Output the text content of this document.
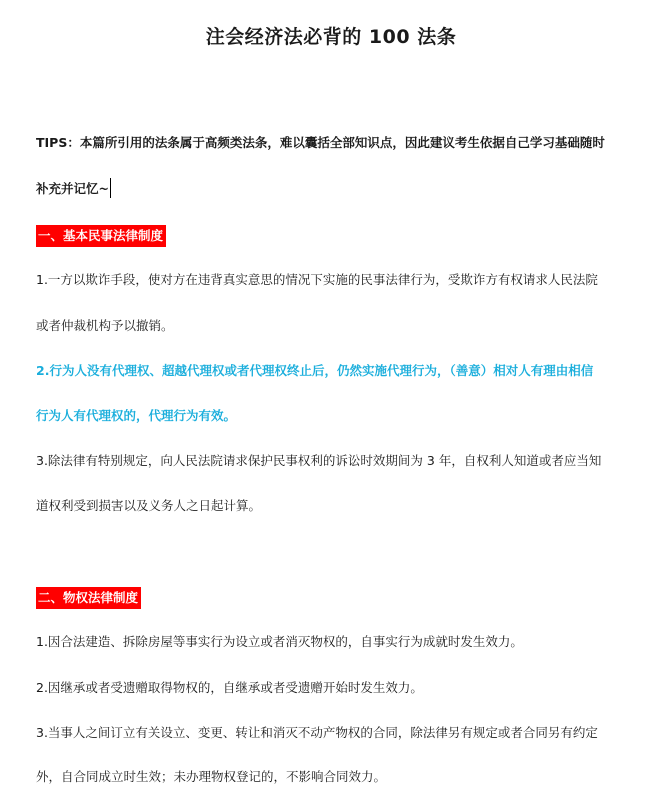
注会经济法必背的 100 法条
TIPS：本篇所引用的法条属于高频类法条，难以囊括全部知识点，因此建议考生依据自己学习基础随时
补充并记忆~
一、基本民事法律制度
1.一方以欺诈手段，使对方在违背真实意思的情况下实施的民事法律行为，受欺诈方有权请求人民法院
或者仲裁机构予以撤销。
2.行为人没有代理权、超越代理权或者代理权终止后，仍然实施代理行为，（善意）相对人有理由相信
行为人有代理权的，代理行为有效。
3.除法律有特别规定，向人民法院请求保护民事权利的诉讼时效期间为 3 年，自权利人知道或者应当知
道权利受到损害以及义务人之日起计算。
二、物权法律制度
1.因合法建造、拆除房屋等事实行为设立或者消灭物权的，自事实行为成就时发生效力。
2.因继承或者受遗赠取得物权的，自继承或者受遗赠开始时发生效力。
3.当事人之间订立有关设立、变更、转让和消灭不动产物权的合同，除法律另有规定或者合同另有约定
外，自合同成立时生效；未办理物权登记的，不影响合同效力。
